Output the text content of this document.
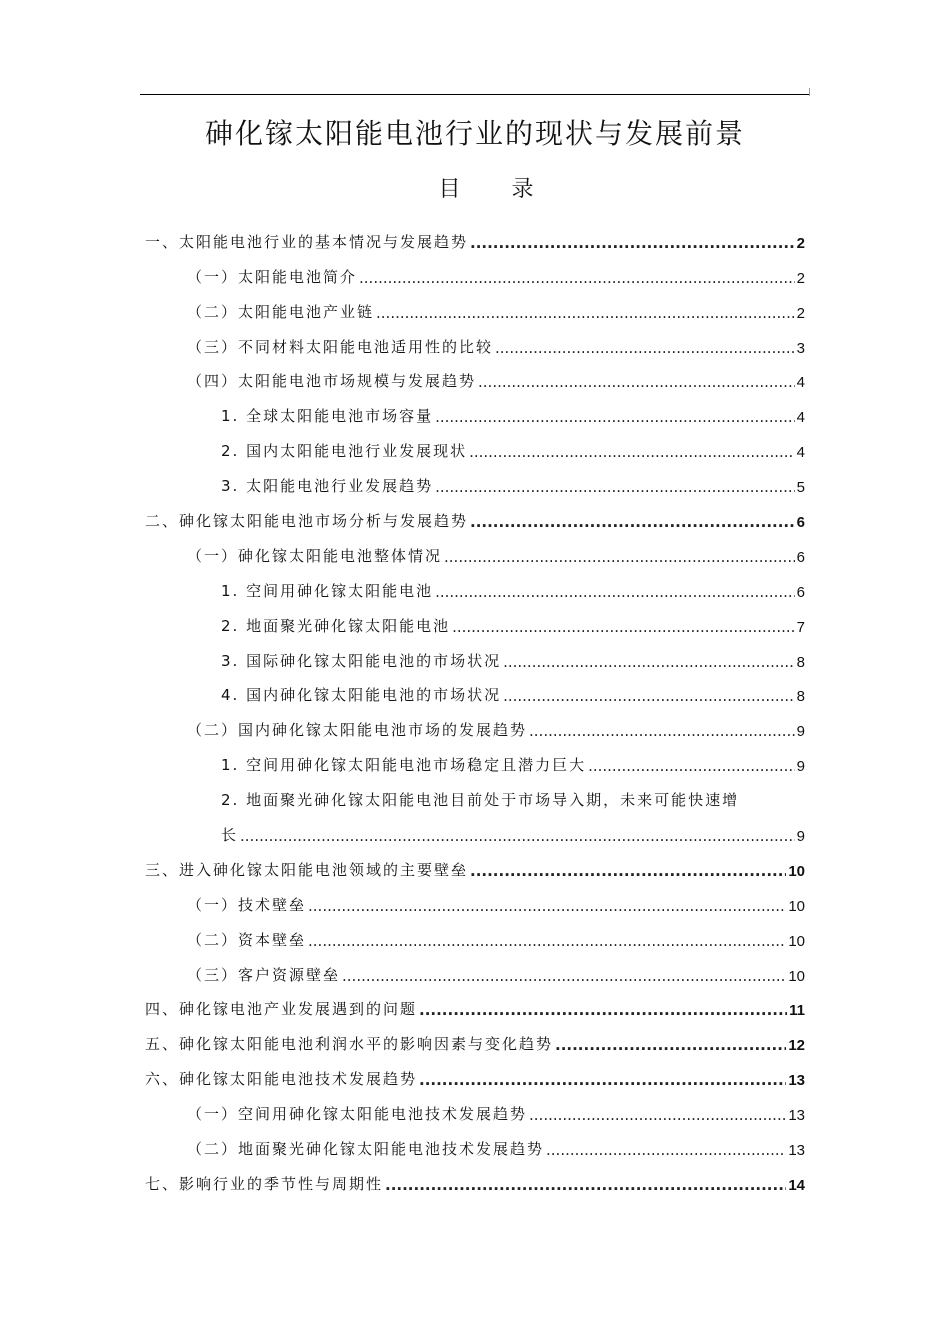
砷化镓太阳能电池行业的现状与发展前景
目 录
一、太阳能电池行业的基本情况与发展趋势 .....	2
（一）太阳能电池简介 .....	2
（二）太阳能电池产业链 .....	2
（三）不同材料太阳能电池适用性的比较 .....	3
（四）太阳能电池市场规模与发展趋势 .....	4
1. 全球太阳能电池市场容量 .....	4
2. 国内太阳能电池行业发展现状 .....	4
3. 太阳能电池行业发展趋势 .....	5
二、砷化镓太阳能电池市场分析与发展趋势 .....	6
（一）砷化镓太阳能电池整体情况 .....	6
1. 空间用砷化镓太阳能电池 .....	6
2. 地面聚光砷化镓太阳能电池 .....	7
3. 国际砷化镓太阳能电池的市场状况 .....	8
4. 国内砷化镓太阳能电池的市场状况 .....	8
（二）国内砷化镓太阳能电池市场的发展趋势 .....	9
1. 空间用砷化镓太阳能电池市场稳定且潜力巨大 .....	9
2. 地面聚光砷化镓太阳能电池目前处于市场导入期，未来可能快速增
长 .....	9
三、进入砷化镓太阳能电池领域的主要壁垒 .....	10
（一）技术壁垒 .....	10
（二）资本壁垒 .....	10
（三）客户资源壁垒 .....	10
四、砷化镓电池产业发展遇到的问题 .....	11
五、砷化镓太阳能电池利润水平的影响因素与变化趋势 .....	12
六、砷化镓太阳能电池技术发展趋势 .....	13
（一）空间用砷化镓太阳能电池技术发展趋势 .....	13
（二）地面聚光砷化镓太阳能电池技术发展趋势 .....	13
七、影响行业的季节性与周期性 .....	14
